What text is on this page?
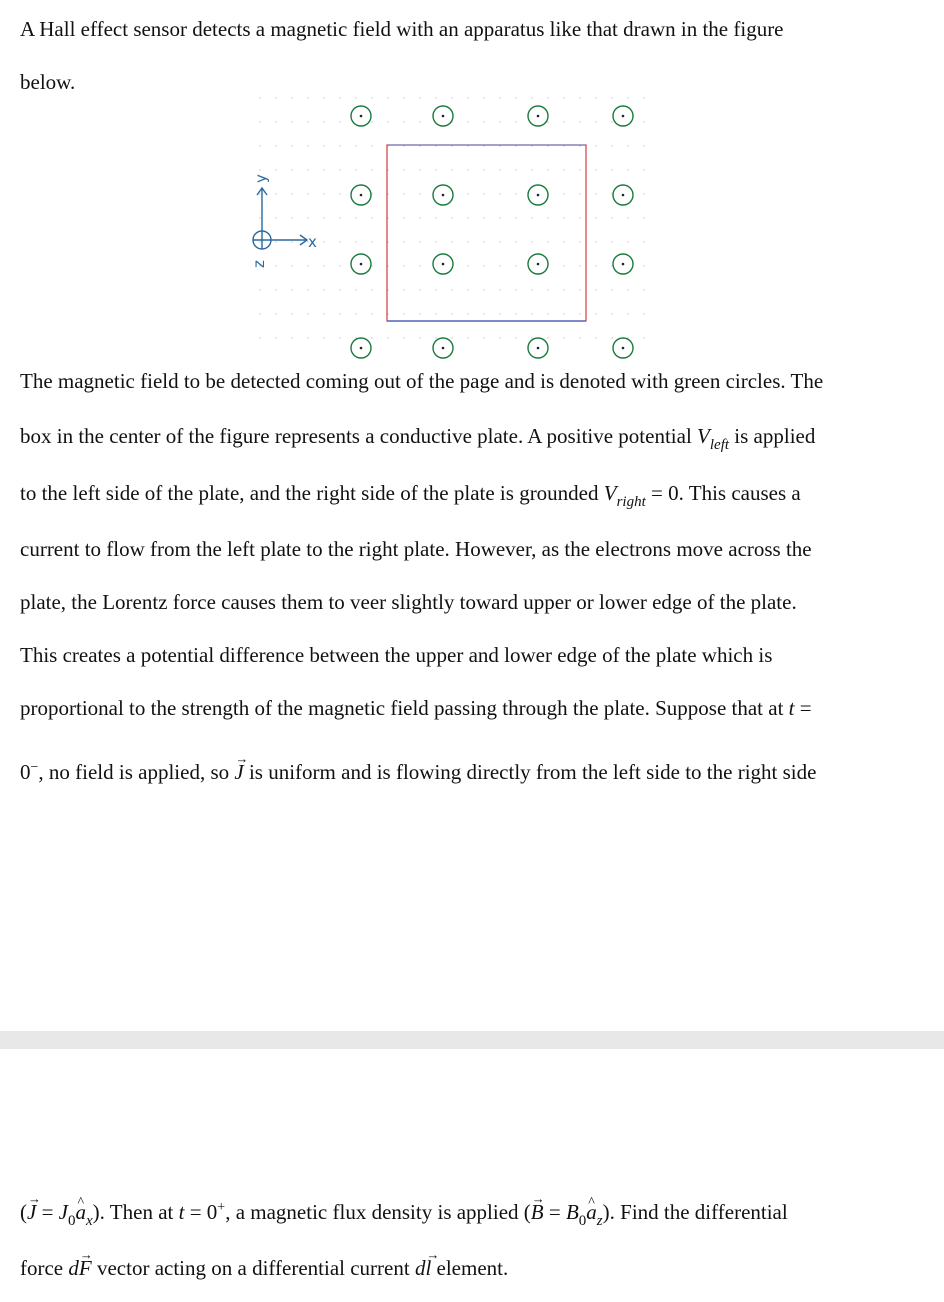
A Hall effect sensor detects a magnetic field with an apparatus like that drawn in the figure
below.
x
y
z
The magnetic field to be detected coming out of the page and is denoted with green circles. The
box in the center of the figure represents a conductive plate. A positive potential $V_{left}$ is applied
to the left side of the plate, and the right side of the plate is grounded $V_{right} = 0$. This causes a
current to flow from the left plate to the right plate. However, as the electrons move across the
plate, the Lorentz force causes them to veer slightly toward upper or lower edge of the plate.
This creates a potential difference between the upper and lower edge of the plate which is
proportional to the strength of the magnetic field passing through the plate. Suppose that at t =
0−, no field is applied, so → J is uniform and is flowing directly from the left side to the right side
(→ $J = J_0\^{}$ $a_x$). Then at t = 0+, a magnetic flux density is applied (→ $B = B_0\^{}$ $a_z$). Find the differential
force d→ F vector acting on a differential current d→ l element.
